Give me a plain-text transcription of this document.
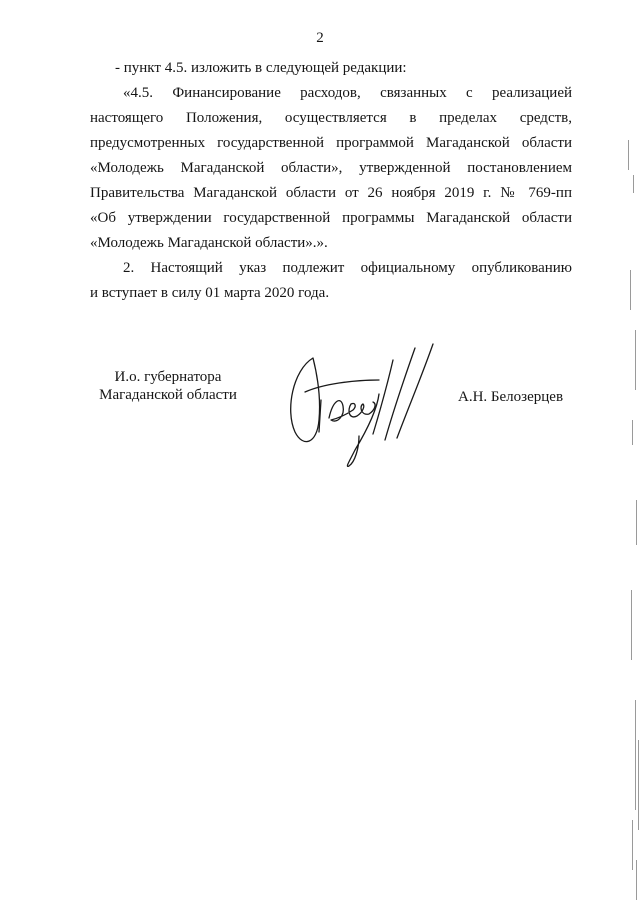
2

- пункт 4.5. изложить в следующей редакции:

«4.5. Финансирование расходов, связанных с реализацией
настоящего Положения, осуществляется в пределах средств,
предусмотренных государственной программой Магаданской области
«Молодежь Магаданской области», утвержденной постановлением
Правительства Магаданской области от 26 ноября 2019 г. № 769-пп
«Об утверждении государственной программы Магаданской области
«Молодежь Магаданской области».».

2. Настоящий указ подлежит официальному опубликованию
и вступает в силу 01 марта 2020 года.

И.о. губернатора
Магаданской области	А.Н. Белозерцев
